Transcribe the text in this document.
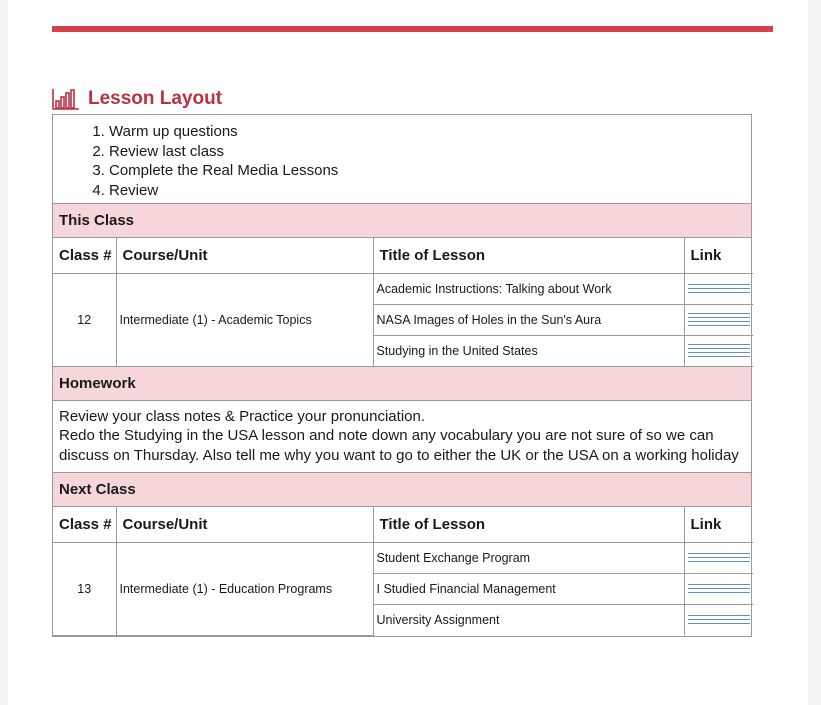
Lesson Layout
1. Warm up questions
2. Review last class
3. Complete the Real Media Lessons
4. Review
This Class
Class #	Course/Unit	Title of Lesson	Link
12	Intermediate (1) - Academic Topics	Academic Instructions: Talking about Work	

		NASA Images of Holes in the Sun's Aura	

		Studying in the United States	
Homework

Review your class notes & Practice your pronunciation.

Redo the Studying in the USA lesson and note down any vocabulary you are not sure of so we can discuss on Thursday. Also tell me why you want to go to either the UK or the USA on a working holiday

Next Class
Class #	Course/Unit	Title of Lesson	Link
13	Intermediate (1) - Education Programs	Student Exchange Program	

		I Studied Financial Management	

		University Assignment	
